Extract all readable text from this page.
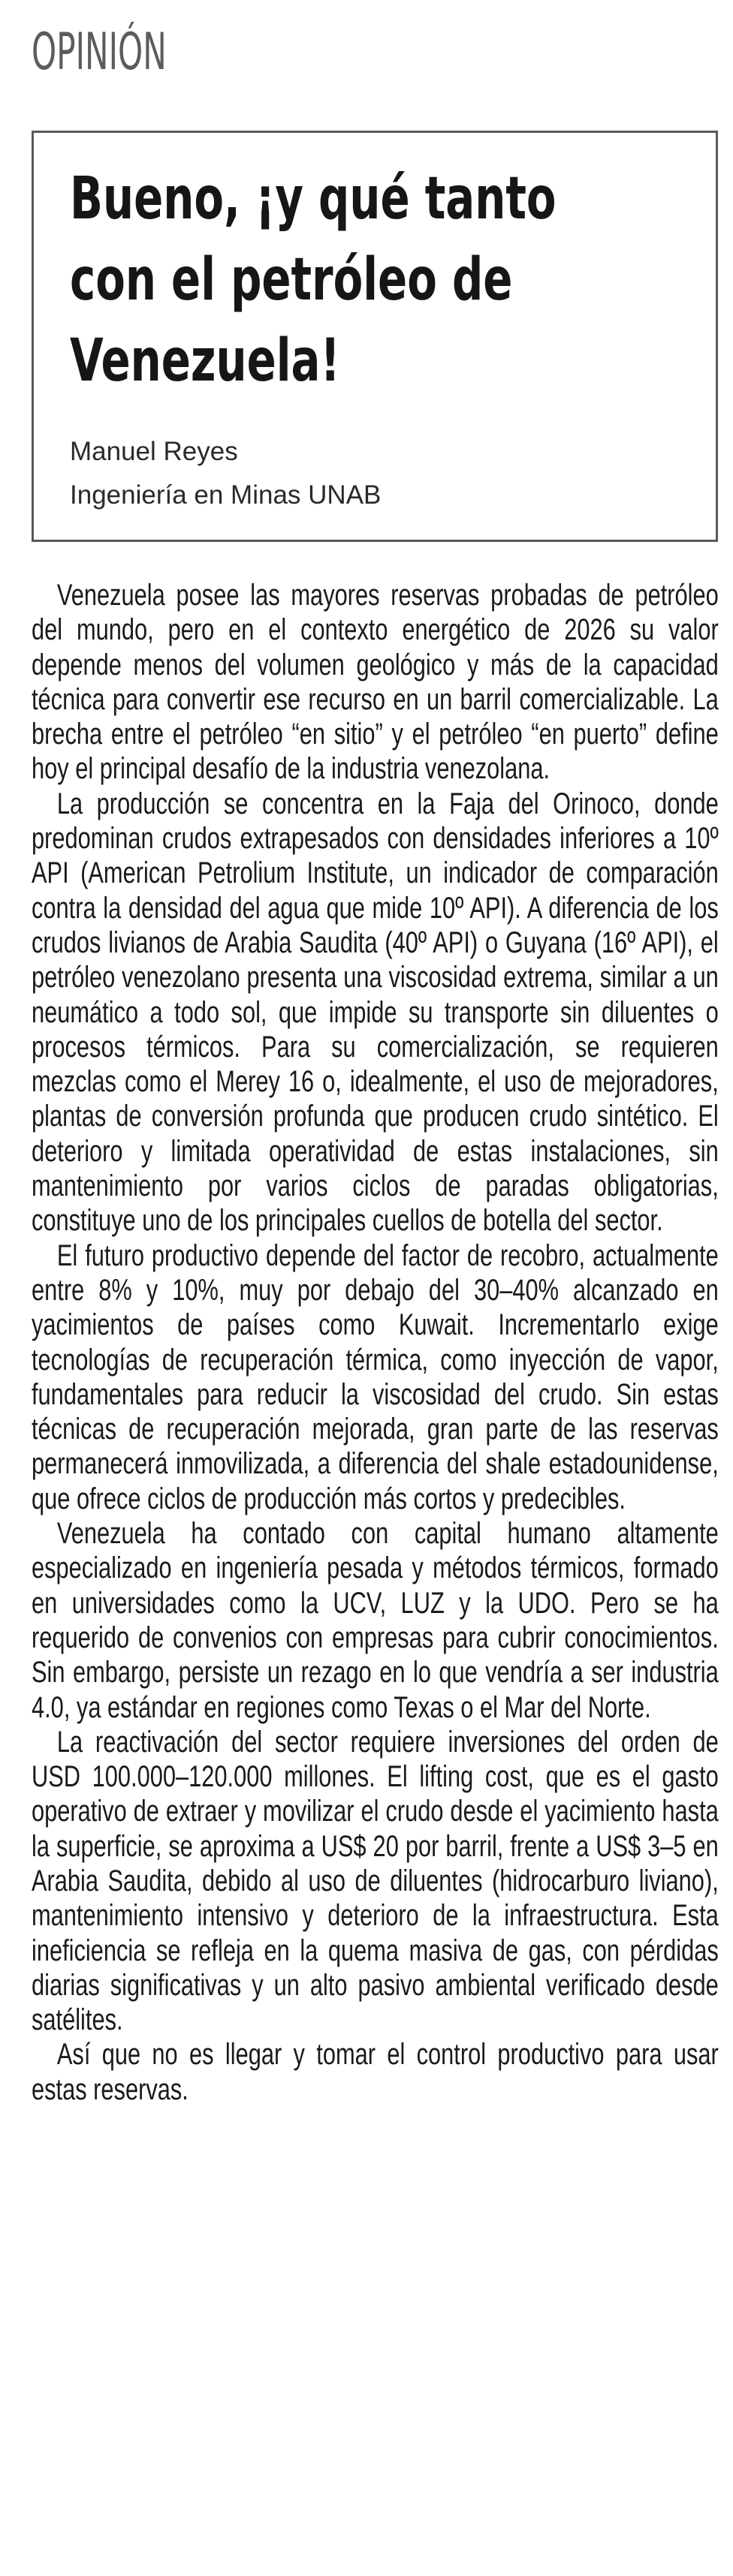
OPINIÓN
Bueno, ¡y qué tanto
con el petróleo de
Venezuela!
Manuel Reyes
Ingeniería en Minas UNAB

Venezuela posee las mayores reservas probadas de petróleo del mundo, pero en el contexto energético de 2026 su valor depende menos del volumen geológico y más de la capacidad técnica para convertir ese recurso en un barril comercializable. La brecha entre el petróleo “en sitio” y el petróleo “en puerto” define hoy el principal desafío de la industria venezolana.

La producción se concentra en la Faja del Orinoco, donde predominan crudos extrapesados con densidades inferiores a 10º API (American Petrolium Institute, un indicador de comparación contra la densidad del agua que mide 10º API). A diferencia de los crudos livianos de Arabia Saudita (40º API) o Guyana (16º API), el petróleo venezolano presenta una viscosidad extrema, similar a un neumático a todo sol, que impide su transporte sin diluentes o procesos térmicos. Para su comercialización, se requieren mezclas como el Merey 16 o, idealmente, el uso de mejoradores, plantas de conversión profunda que producen crudo sintético. El deterioro y limitada operatividad de estas instalaciones, sin mantenimiento por varios ciclos de paradas obligatorias, constituye uno de los principales cuellos de botella del sector.

El futuro productivo depende del factor de recobro, actualmente entre 8% y 10%, muy por debajo del 30–40% alcanzado en yacimientos de países como Kuwait. Incrementarlo exige tecnologías de recuperación térmica, como inyección de vapor, fundamentales para reducir la viscosidad del crudo. Sin estas técnicas de recuperación mejorada, gran parte de las reservas permanecerá inmovilizada, a diferencia del shale estadounidense, que ofrece ciclos de producción más cortos y predecibles.

Venezuela ha contado con capital humano altamente especializado en ingeniería pesada y métodos térmicos, formado en universidades como la UCV, LUZ y la UDO. Pero se ha requerido de convenios con empresas para cubrir conocimientos. Sin embargo, persiste un rezago en lo que vendría a ser industria 4.0, ya estándar en regiones como Texas o el Mar del Norte.

La reactivación del sector requiere inversiones del orden de USD 100.000–120.000 millones. El lifting cost, que es el gasto operativo de extraer y movilizar el crudo desde el yacimiento hasta la superficie, se aproxima a US$ 20 por barril, frente a US$ 3–5 en Arabia Saudita, debido al uso de diluentes (hidrocarburo liviano), mantenimiento intensivo y deterioro de la infraestructura. Esta ineficiencia se refleja en la quema masiva de gas, con pérdidas diarias significativas y un alto pasivo ambiental verificado desde satélites.

Así que no es llegar y tomar el control productivo para usar estas reservas.
